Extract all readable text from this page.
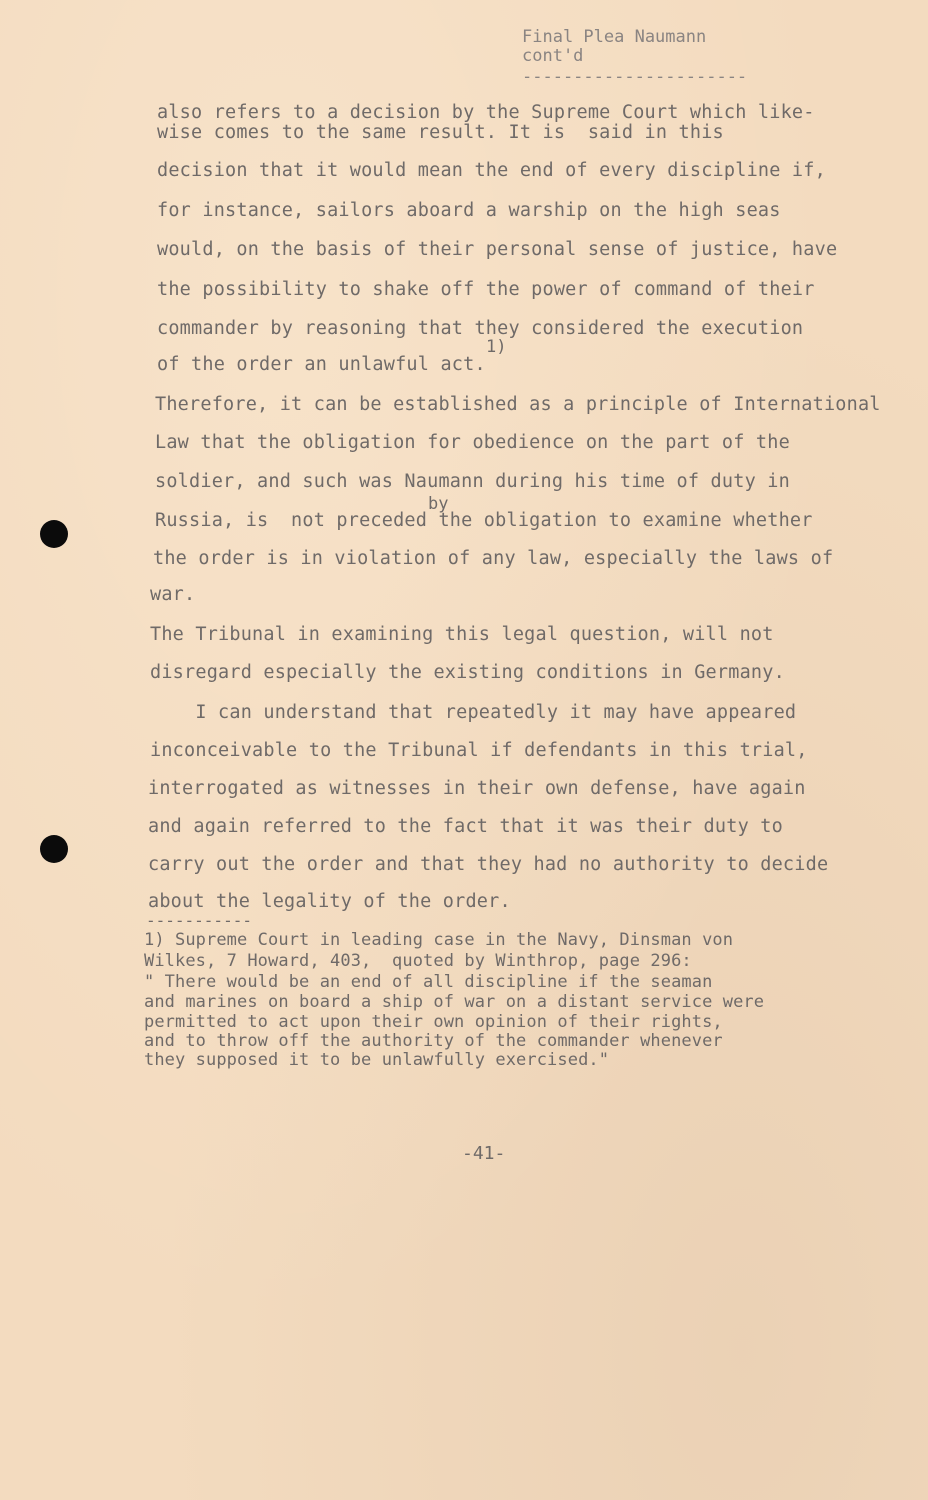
Final Plea Naumann
cont'd
----------------------
also refers to a decision by the Supreme Court which like-
wise comes to the same result. It is  said in this
decision that it would mean the end of every discipline if,
for instance, sailors aboard a warship on the high seas
would, on the basis of their personal sense of justice, have
the possibility to shake off the power of command of their
commander by reasoning that they considered the execution
1)
of the order an unlawful act.
Therefore, it can be established as a principle of International
Law that the obligation for obedience on the part of the
soldier, and such was Naumann during his time of duty in
by
Russia, is  not preceded the obligation to examine whether
the order is in violation of any law, especially the laws of
war.
The Tribunal in examining this legal question, will not
disregard especially the existing conditions in Germany.
I can understand that repeatedly it may have appeared
inconceivable to the Tribunal if defendants in this trial,
interrogated as witnesses in their own defense, have again
and again referred to the fact that it was their duty to
carry out the order and that they had no authority to decide
about the legality of the order.
-----------
1) Supreme Court in leading case in the Navy, Dinsman von
Wilkes, 7 Howard, 403,  quoted by Winthrop, page 296:
" There would be an end of all discipline if the seaman
and marines on board a ship of war on a distant service were
permitted to act upon their own opinion of their rights,
and to throw off the authority of the commander whenever
they supposed it to be unlawfully exercised."
-41-
